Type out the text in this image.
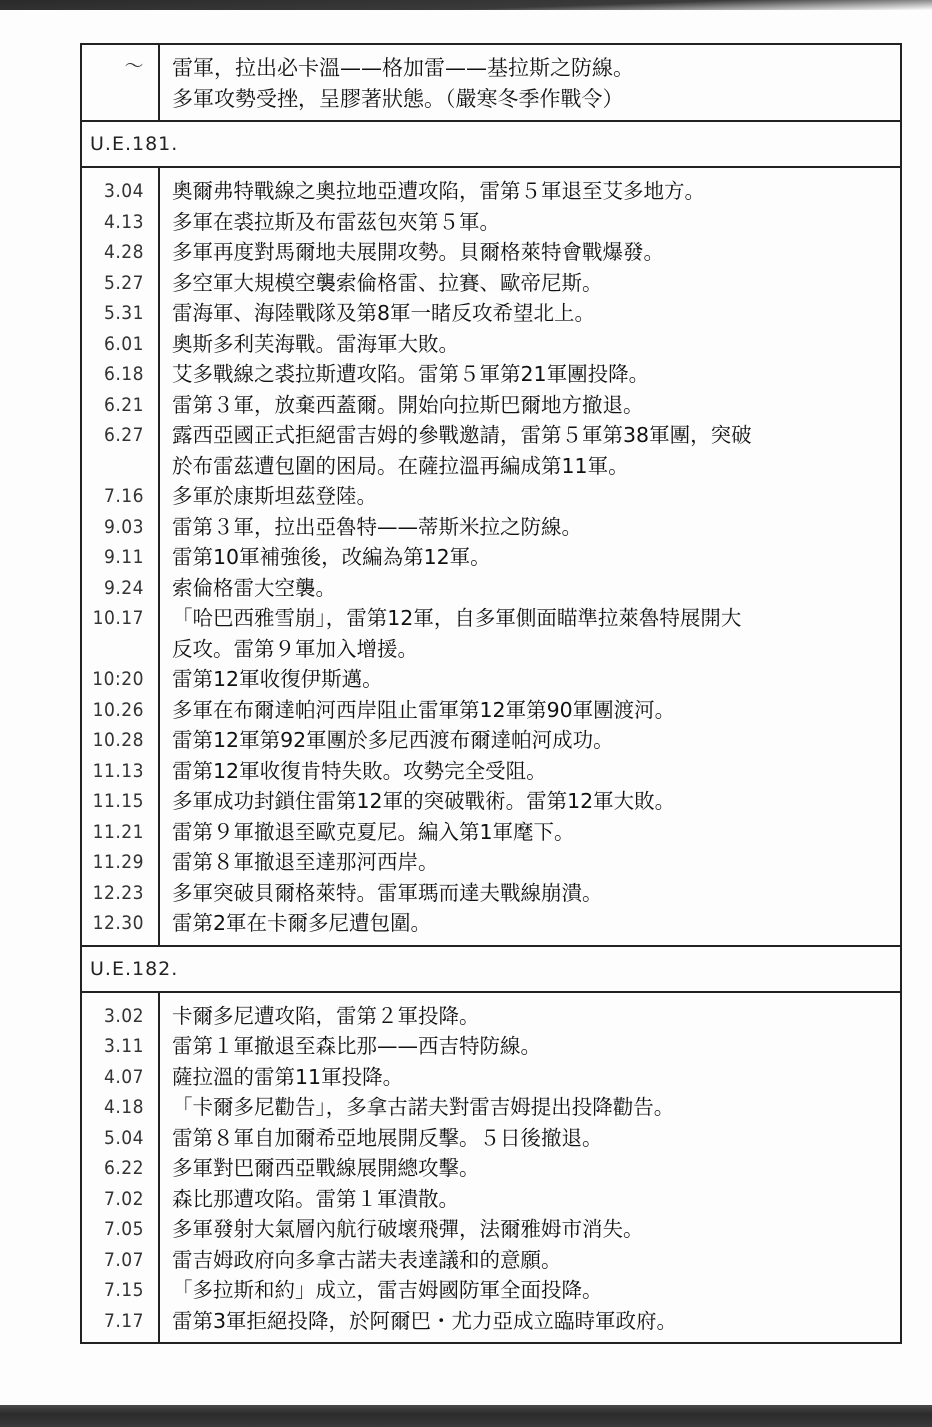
～ 雷軍，拉出必卡溫——格加雷——基拉斯之防線。
多軍攻勢受挫，呈膠著狀態。（嚴寒冬季作戰令）
U.E.181.
3.04
4.13
4.28
5.27
5.31
6.01
6.18
6.21
6.27

7.16
9.03
9.11
9.24
10.17

10:20
10.26
10.28
11.13
11.15
11.21
11.29
12.23
12.30
奧爾弗特戰線之奧拉地亞遭攻陷，雷第５軍退至艾多地方。
多軍在裘拉斯及布雷茲包夾第５軍。
多軍再度對馬爾地夫展開攻勢。貝爾格萊特會戰爆發。
多空軍大規模空襲索倫格雷、拉賽、歐帝尼斯。
雷海軍、海陸戰隊及第8軍一睹反攻希望北上。
奧斯多利芙海戰。雷海軍大敗。
艾多戰線之裘拉斯遭攻陷。雷第５軍第21軍團投降。
雷第３軍，放棄西蓋爾。開始向拉斯巴爾地方撤退。
露西亞國正式拒絕雷吉姆的參戰邀請，雷第５軍第38軍團，突破
於布雷茲遭包圍的困局。在薩拉溫再編成第11軍。
多軍於康斯坦茲登陸。
雷第３軍，拉出亞魯特——蒂斯米拉之防線。
雷第10軍補強後，改編為第12軍。
索倫格雷大空襲。
「哈巴西雅雪崩」，雷第12軍，自多軍側面瞄準拉萊魯特展開大
反攻。雷第９軍加入增援。
雷第12軍收復伊斯邁。
多軍在布爾達帕河西岸阻止雷軍第12軍第90軍團渡河。
雷第12軍第92軍團於多尼西渡布爾達帕河成功。
雷第12軍收復肯特失敗。攻勢完全受阻。
多軍成功封鎖住雷第12軍的突破戰術。雷第12軍大敗。
雷第９軍撤退至歐克夏尼。編入第1軍麾下。
雷第８軍撤退至達那河西岸。
多軍突破貝爾格萊特。雷軍瑪而達夫戰線崩潰。
雷第2軍在卡爾多尼遭包圍。
U.E.182.
3.02
3.11
4.07
4.18
5.04
6.22
7.02
7.05
7.07
7.15
7.17
卡爾多尼遭攻陷，雷第２軍投降。
雷第１軍撤退至森比那——西吉特防線。
薩拉溫的雷第11軍投降。
「卡爾多尼勸告」，多拿古諾夫對雷吉姆提出投降勸告。
雷第８軍自加爾希亞地展開反擊。５日後撤退。
多軍對巴爾西亞戰線展開總攻擊。
森比那遭攻陷。雷第１軍潰散。
多軍發射大氣層內航行破壞飛彈，法爾雅姆市消失。
雷吉姆政府向多拿古諾夫表達議和的意願。
「多拉斯和約」成立，雷吉姆國防軍全面投降。
雷第3軍拒絕投降，於阿爾巴・尤力亞成立臨時軍政府。
